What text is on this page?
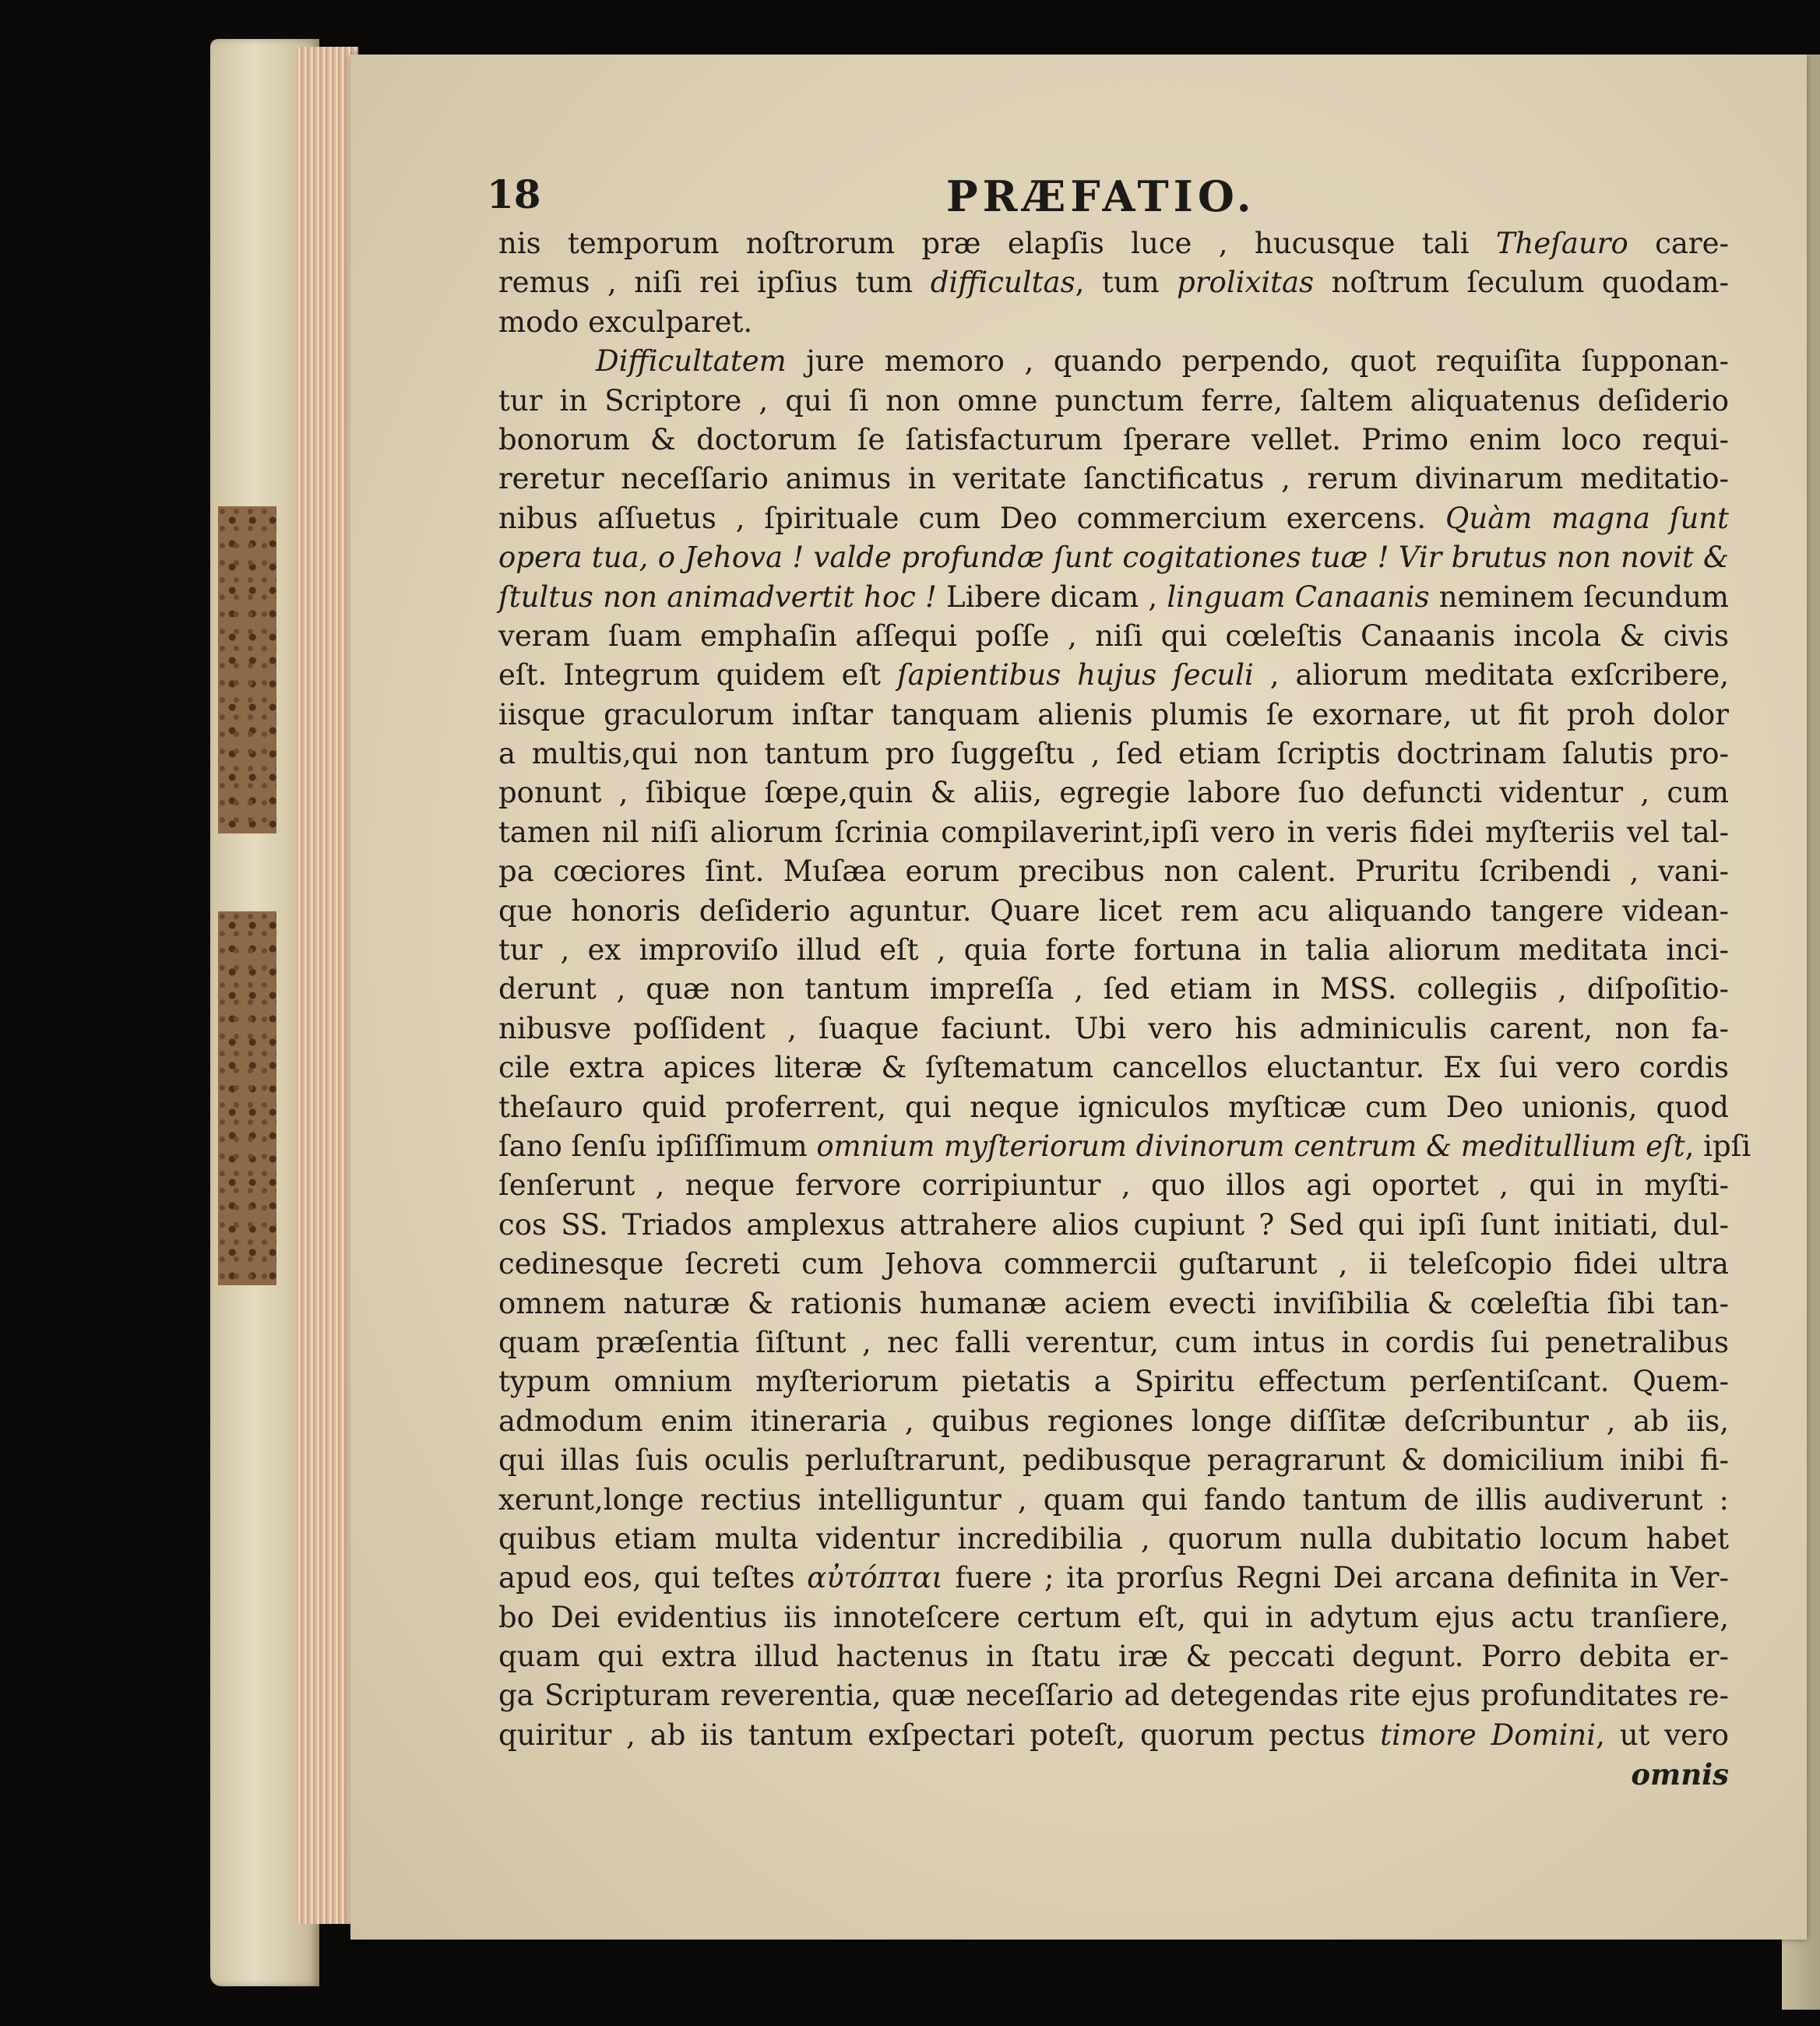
18	PRÆFATIO.
nis temporum noſtrorum præ elapſis luce , hucusque tali Theſauro care-
remus , niſi rei ipſius tum difficultas, tum prolixitas noſtrum ſeculum quodam-
modo exculparet.
Difficultatem jure memoro , quando perpendo, quot requiſita ſupponan-
tur in Scriptore , qui ſi non omne punctum ferre, ſaltem aliquatenus deſiderio
bonorum & doctorum ſe ſatisfacturum ſperare vellet. Primo enim loco requi-
reretur neceſſario animus in veritate ſanctificatus , rerum divinarum meditatio-
nibus aſſuetus , ſpirituale cum Deo commercium exercens. Quàm magna ſunt
opera tua, o Jehova ! valde profundæ ſunt cogitationes tuæ ! Vir brutus non novit &
ſtultus non animadvertit hoc ! Libere dicam , linguam Canaanis neminem ſecundum
veram ſuam emphaſin aſſequi poſſe , niſi qui cœleſtis Canaanis incola & civis
eſt. Integrum quidem eſt ſapientibus hujus ſeculi , aliorum meditata exſcribere,
iisque graculorum inſtar tanquam alienis plumis ſe exornare, ut fit proh dolor
a multis,qui non tantum pro ſuggeſtu , ſed etiam ſcriptis doctrinam ſalutis pro-
ponunt , ſibique ſœpe,quin & aliis, egregie labore ſuo defuncti videntur , cum
tamen nil niſi aliorum ſcrinia compilaverint,ipſi vero in veris fidei myſteriis vel tal-
pa cœciores ſint. Muſæa eorum precibus non calent. Pruritu ſcribendi , vani-
que honoris deſiderio aguntur. Quare licet rem acu aliquando tangere videan-
tur , ex improviſo illud eſt , quia forte fortuna in talia aliorum meditata inci-
derunt , quæ non tantum impreſſa , ſed etiam in MSS. collegiis , diſpoſitio-
nibusve poſſident , ſuaque faciunt. Ubi vero his adminiculis carent, non fa-
cile extra apices literæ & ſyſtematum cancellos eluctantur. Ex ſui vero cordis
theſauro quid proferrent, qui neque igniculos myſticæ cum Deo unionis, quod
ſano ſenſu ipſiſſimum omnium myſteriorum divinorum centrum & meditullium eſt, ipſi
ſenſerunt , neque fervore corripiuntur , quo illos agi oportet , qui in myſti-
cos SS. Triados amplexus attrahere alios cupiunt ? Sed qui ipſi ſunt initiati, dul-
cedinesque ſecreti cum Jehova commercii guſtarunt , ii teleſcopio fidei ultra
omnem naturæ & rationis humanæ aciem evecti inviſibilia & cœleſtia ſibi tan-
quam præſentia ſiſtunt , nec falli verentur, cum intus in cordis ſui penetralibus
typum omnium myſteriorum pietatis a Spiritu effectum perſentiſcant. Quem-
admodum enim itineraria , quibus regiones longe diſſitæ deſcribuntur , ab iis,
qui illas ſuis oculis perluſtrarunt, pedibusque peragrarunt & domicilium inibi fi-
xerunt,longe rectius intelliguntur , quam qui fando tantum de illis audiverunt :
quibus etiam multa videntur incredibilia , quorum nulla dubitatio locum habet
apud eos, qui teſtes αὐτόπται fuere ; ita prorſus Regni Dei arcana definita in Ver-
bo Dei evidentius iis innoteſcere certum eſt, qui in adytum ejus actu tranſiere,
quam qui extra illud hactenus in ſtatu iræ & peccati degunt. Porro debita er-
ga Scripturam reverentia, quæ neceſſario ad detegendas rite ejus profunditates re-
quiritur , ab iis tantum exſpectari poteſt, quorum pectus timore Domini, ut vero
omnis
